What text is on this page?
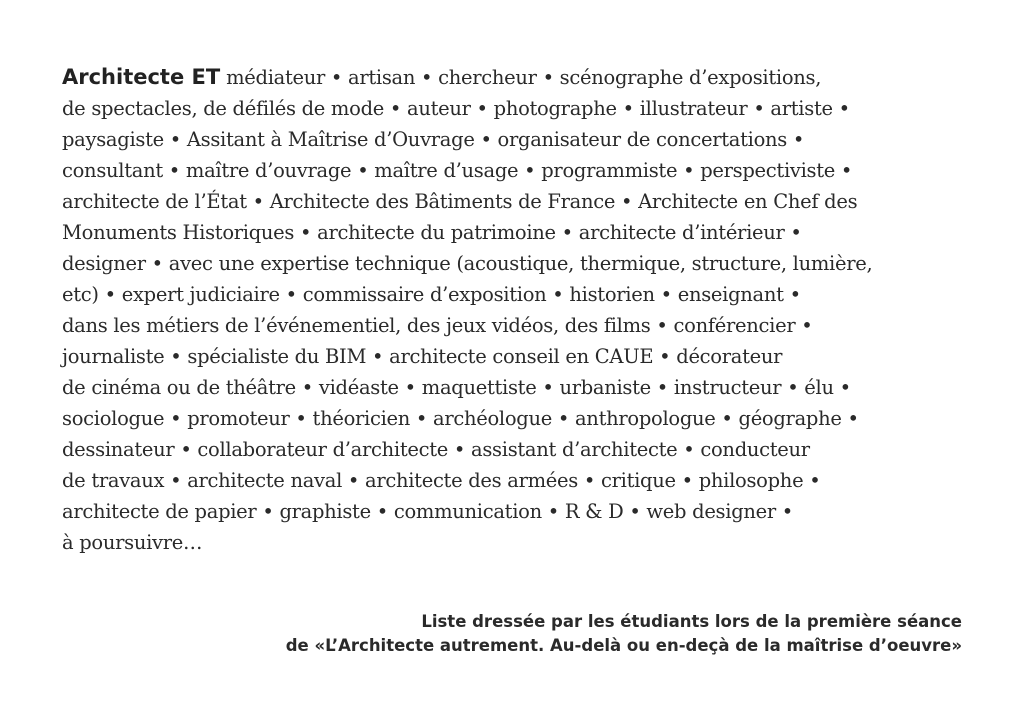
Architecte ET médiateur • artisan • chercheur • scénographe d’expositions,
de spectacles, de défilés de mode • auteur • photographe • illustrateur • artiste •
paysagiste • Assitant à Maîtrise d’Ouvrage • organisateur de concertations •
consultant • maître d’ouvrage • maître d’usage • programmiste • perspectiviste •
architecte de l’État • Architecte des Bâtiments de France • Architecte en Chef des
Monuments Historiques • architecte du patrimoine • architecte d’intérieur •
designer • avec une expertise technique (acoustique, thermique, structure, lumière,
etc) • expert judiciaire • commissaire d’exposition • historien • enseignant •
dans les métiers de l’événementiel, des jeux vidéos, des films • conférencier •
journaliste • spécialiste du BIM • architecte conseil en CAUE • décorateur
de cinéma ou de théâtre • vidéaste • maquettiste • urbaniste • instructeur • élu •
sociologue • promoteur • théoricien • archéologue • anthropologue • géographe •
dessinateur • collaborateur d’architecte • assistant d’architecte • conducteur
de travaux • architecte naval • architecte des armées • critique • philosophe •
architecte de papier • graphiste • communication • R & D • web designer •
à poursuivre…
Liste dressée par les étudiants lors de la première séance
de «L’Architecte autrement. Au-delà ou en-deçà de la maîtrise d’oeuvre»
